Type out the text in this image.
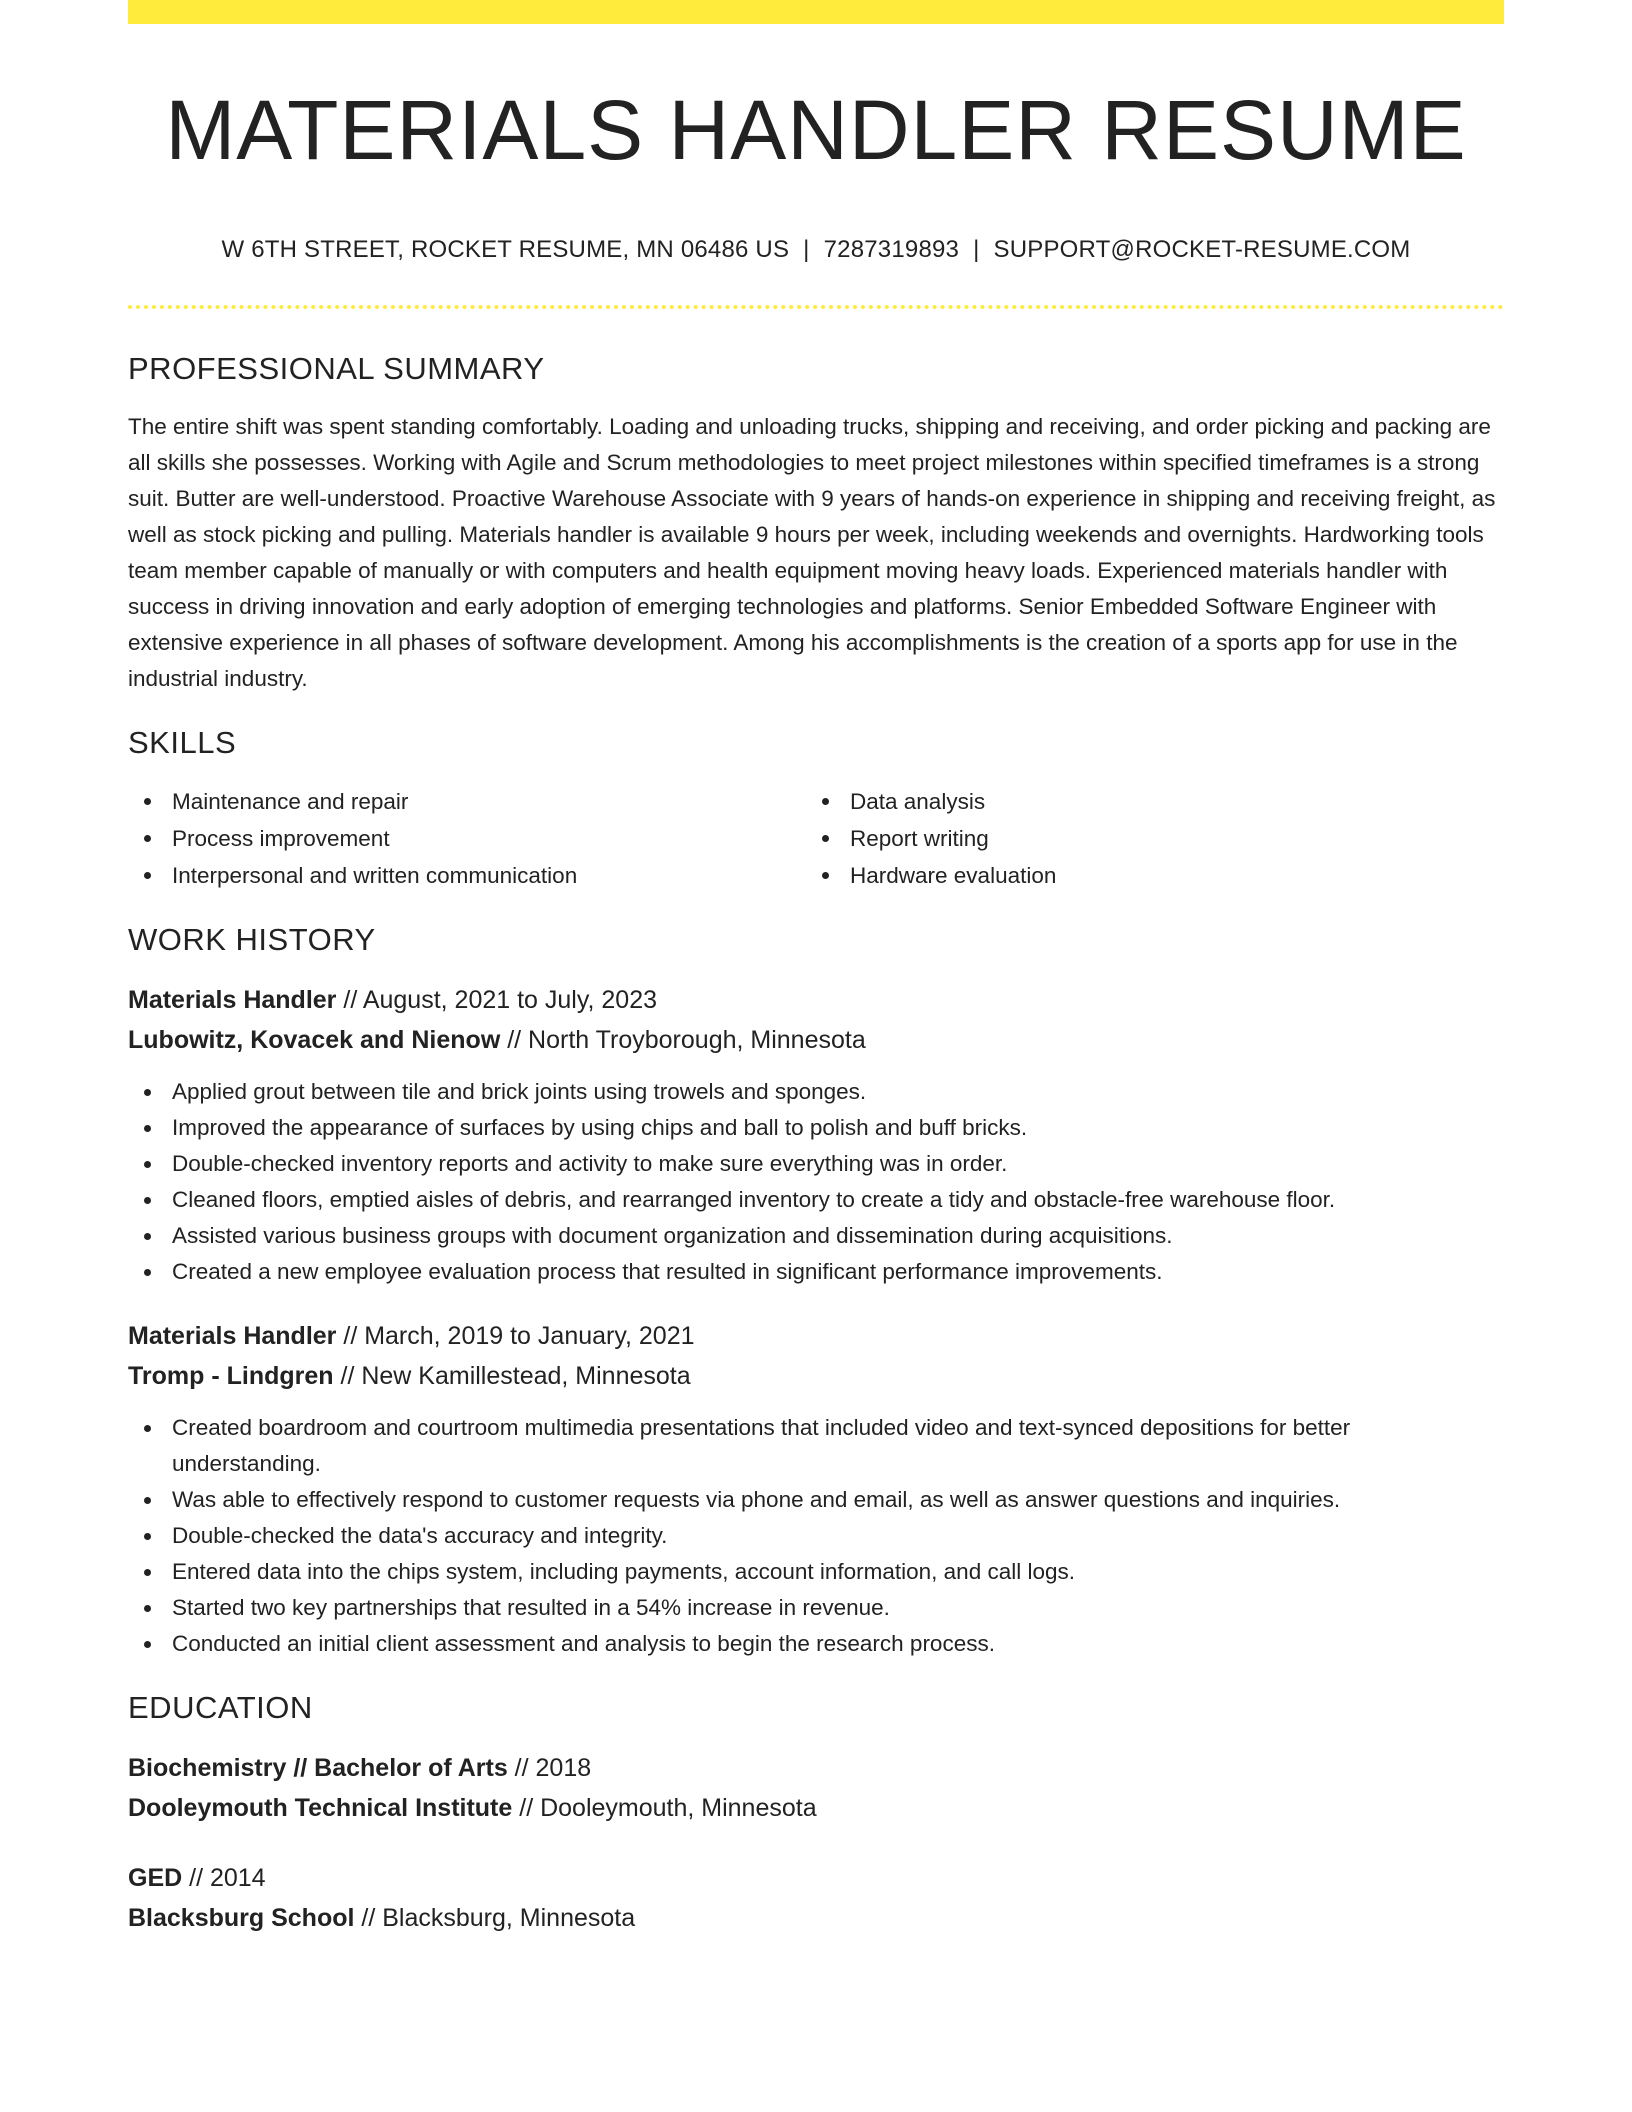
MATERIALS HANDLER RESUME
W 6TH STREET, ROCKET RESUME, MN 06486 US | 7287319893 | SUPPORT@ROCKET-RESUME.COM
PROFESSIONAL SUMMARY

The entire shift was spent standing comfortably. Loading and unloading trucks, shipping and receiving, and order picking and packing are all skills she possesses. Working with Agile and Scrum methodologies to meet project milestones within specified timeframes is a strong suit. Butter are well-understood. Proactive Warehouse Associate with 9 years of hands-on experience in shipping and receiving freight, as well as stock picking and pulling. Materials handler is available 9 hours per week, including weekends and overnights. Hardworking tools team member capable of manually or with computers and health equipment moving heavy loads. Experienced materials handler with success in driving innovation and early adoption of emerging technologies and platforms. Senior Embedded Software Engineer with extensive experience in all phases of software development. Among his accomplishments is the creation of a sports app for use in the industrial industry.

SKILLS
Maintenance and repair
Process improvement
Interpersonal and written communication
Data analysis
Report writing
Hardware evaluation
WORK HISTORY
Materials Handler // August, 2021 to July, 2023
Lubowitz, Kovacek and Nienow // North Troyborough, Minnesota
Applied grout between tile and brick joints using trowels and sponges.
Improved the appearance of surfaces by using chips and ball to polish and buff bricks.
Double-checked inventory reports and activity to make sure everything was in order.
Cleaned floors, emptied aisles of debris, and rearranged inventory to create a tidy and obstacle-free warehouse floor.
Assisted various business groups with document organization and dissemination during acquisitions.
Created a new employee evaluation process that resulted in significant performance improvements.
Materials Handler // March, 2019 to January, 2021
Tromp - Lindgren // New Kamillestead, Minnesota
Created boardroom and courtroom multimedia presentations that included video and text-synced depositions for better understanding.
Was able to effectively respond to customer requests via phone and email, as well as answer questions and inquiries.
Double-checked the data's accuracy and integrity.
Entered data into the chips system, including payments, account information, and call logs.
Started two key partnerships that resulted in a 54% increase in revenue.
Conducted an initial client assessment and analysis to begin the research process.
EDUCATION
Biochemistry // Bachelor of Arts // 2018
Dooleymouth Technical Institute // Dooleymouth, Minnesota
GED // 2014
Blacksburg School // Blacksburg, Minnesota
